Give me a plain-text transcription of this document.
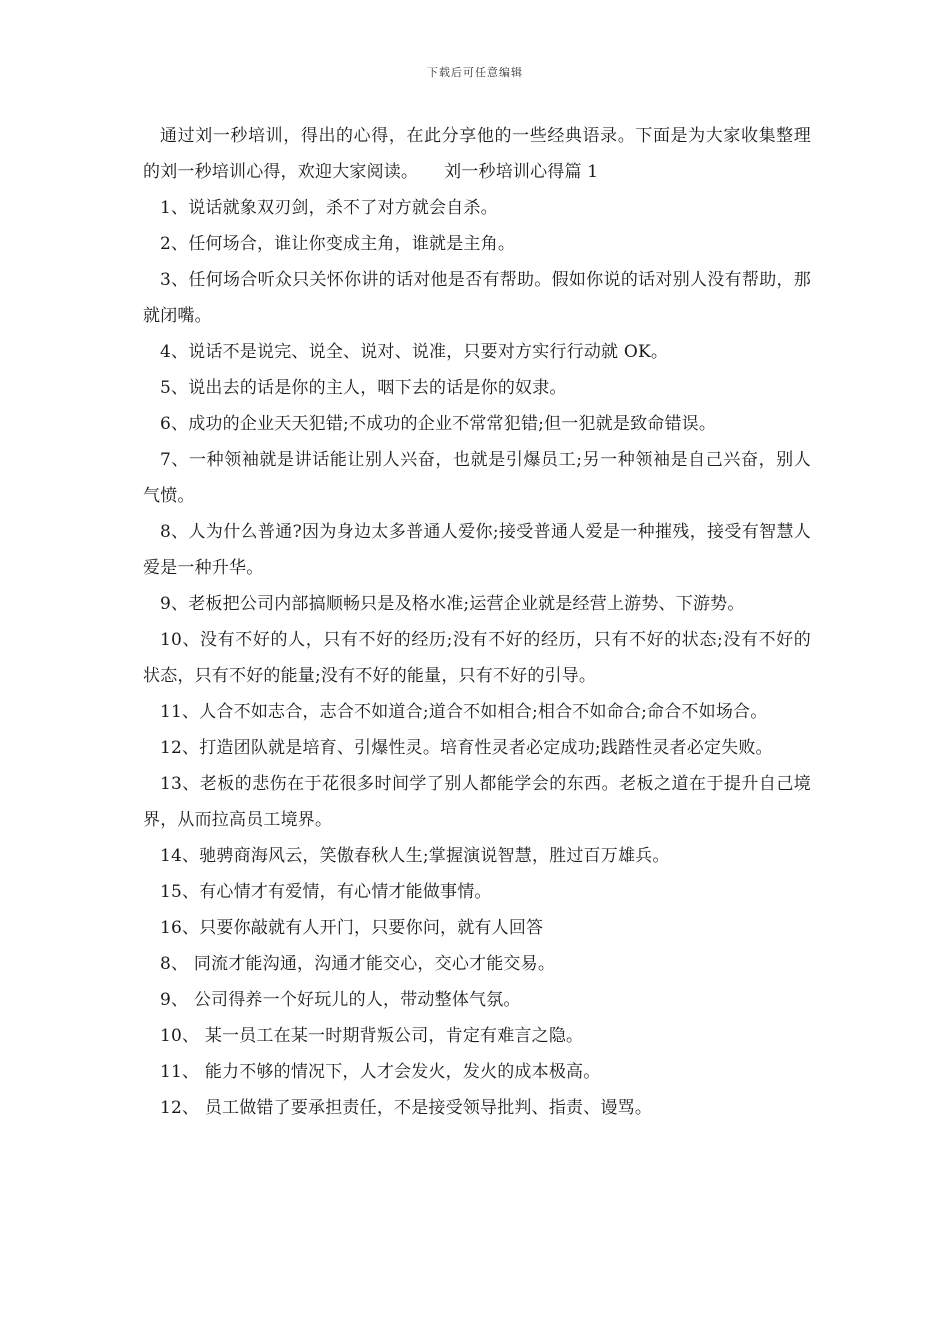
下载后可任意编辑

通过刘一秒培训，得出的心得，在此分享他的一些经典语录。下面是为大家收集整理的刘一秒培训心得，欢迎大家阅读。　　刘一秒培训心得篇 1

1、说话就象双刃剑，杀不了对方就会自杀。

2、任何场合，谁让你变成主角，谁就是主角。

3、任何场合听众只关怀你讲的话对他是否有帮助。假如你说的话对别人没有帮助，那就闭嘴。

4、说话不是说完、说全、说对、说准，只要对方实行行动就 OK。

5、说出去的话是你的主人，咽下去的话是你的奴隶。

6、成功的企业天天犯错;不成功的企业不常常犯错;但一犯就是致命错误。

7、一种领袖就是讲话能让别人兴奋，也就是引爆员工;另一种领袖是自己兴奋，别人气愤。

8、人为什么普通?因为身边太多普通人爱你;接受普通人爱是一种摧残，接受有智慧人爱是一种升华。

9、老板把公司内部搞顺畅只是及格水准;运营企业就是经营上游势、下游势。

10、没有不好的人，只有不好的经历;没有不好的经历，只有不好的状态;没有不好的状态，只有不好的能量;没有不好的能量，只有不好的引导。

11、人合不如志合，志合不如道合;道合不如相合;相合不如命合;命合不如场合。

12、打造团队就是培育、引爆性灵。培育性灵者必定成功;践踏性灵者必定失败。

13、老板的悲伤在于花很多时间学了别人都能学会的东西。老板之道在于提升自己境界，从而拉高员工境界。

14、驰骋商海风云，笑傲春秋人生;掌握演说智慧，胜过百万雄兵。

15、有心情才有爱情，有心情才能做事情。

16、只要你敲就有人开门，只要你问，就有人回答

8、 同流才能沟通，沟通才能交心，交心才能交易。

9、 公司得养一个好玩儿的人，带动整体气氛。

10、 某一员工在某一时期背叛公司，肯定有难言之隐。

11、 能力不够的情况下，人才会发火，发火的成本极高。

12、 员工做错了要承担责任，不是接受领导批判、指责、谩骂。
